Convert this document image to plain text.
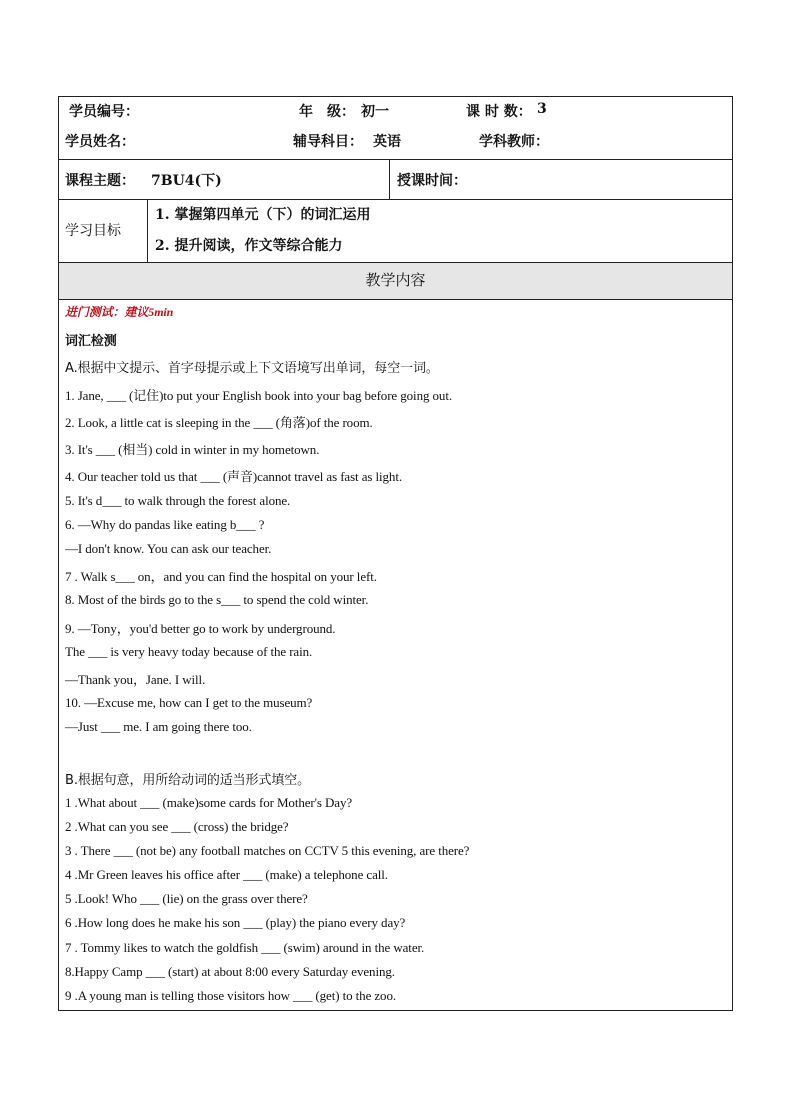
学员编号：	年　级： 初一	课 时 数： 3
学员姓名：	辅导科目： 英语	学科教师：
课程主题： 7BU4(下)	授课时间：
学习目标
1. 掌握第四单元（下）的词汇运用
2. 提升阅读，作文等综合能力
教学内容
进门测试：建议5min
词汇检测
A.根据中文提示、首字母提示或上下文语境写出单词，每空一词。
1. Jane, ___ (记住)to put your English book into your bag before going out.
2. Look, a little cat is sleeping in the ___ (角落)of the room.
3. It's ___ (相当) cold in winter in my hometown.
4. Our teacher told us that ___ (声音)cannot travel as fast as light.
5. It's d___ to walk through the forest alone.
6. —Why do pandas like eating b___ ?
—I don't know. You can ask our teacher.
7 . Walk s___ on，and you can find the hospital on your left.
8. Most of the birds go to the s___ to spend the cold winter.
9. —Tony，you'd better go to work by underground.
The ___ is very heavy today because of the rain.
—Thank you，Jane. I will.
10. —Excuse me, how can I get to the museum?
—Just ___ me. I am going there too.
B.根据句意，用所给动词的适当形式填空。
1 .What about ___ (make)some cards for Mother's Day?
2 .What can you see ___ (cross) the bridge?
3 . There ___ (not be) any football matches on CCTV 5 this evening, are there?
4 .Mr Green leaves his office after ___ (make) a telephone call.
5 .Look! Who ___ (lie) on the grass over there?
6 .How long does he make his son ___ (play) the piano every day?
7 . Tommy likes to watch the goldfish ___ (swim) around in the water.
8.Happy Camp ___ (start) at about 8:00 every Saturday evening.
9 .A young man is telling those visitors how ___ (get) to the zoo.
